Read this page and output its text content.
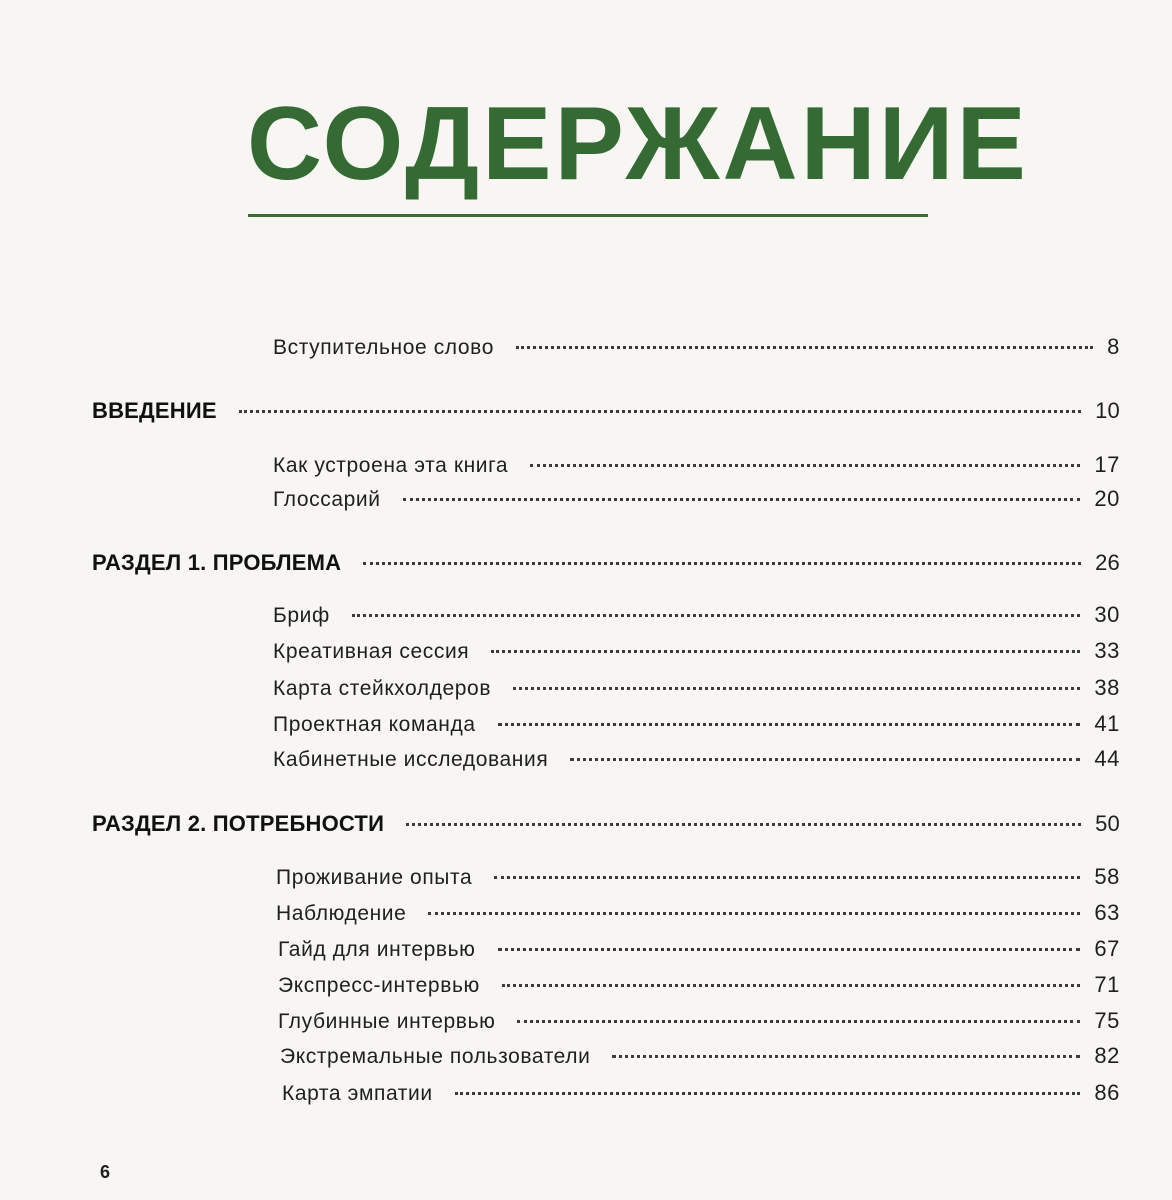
СОДЕРЖАНИЕ
Вступительное слово	8
ВВЕДЕНИЕ	10
Как устроена эта книга	17
Глоссарий	20
РАЗДЕЛ 1. ПРОБЛЕМА	26
Бриф	30
Креативная сессия	33
Карта стейкхолдеров	38
Проектная команда	41
Кабинетные исследования	44
РАЗДЕЛ 2. ПОТРЕБНОСТИ	50
Проживание опыта	58
Наблюдение	63
Гайд для интервью	67
Экспресс-интервью	71
Глубинные интервью	75
Экстремальные пользователи	82
Карта эмпатии	86
6
